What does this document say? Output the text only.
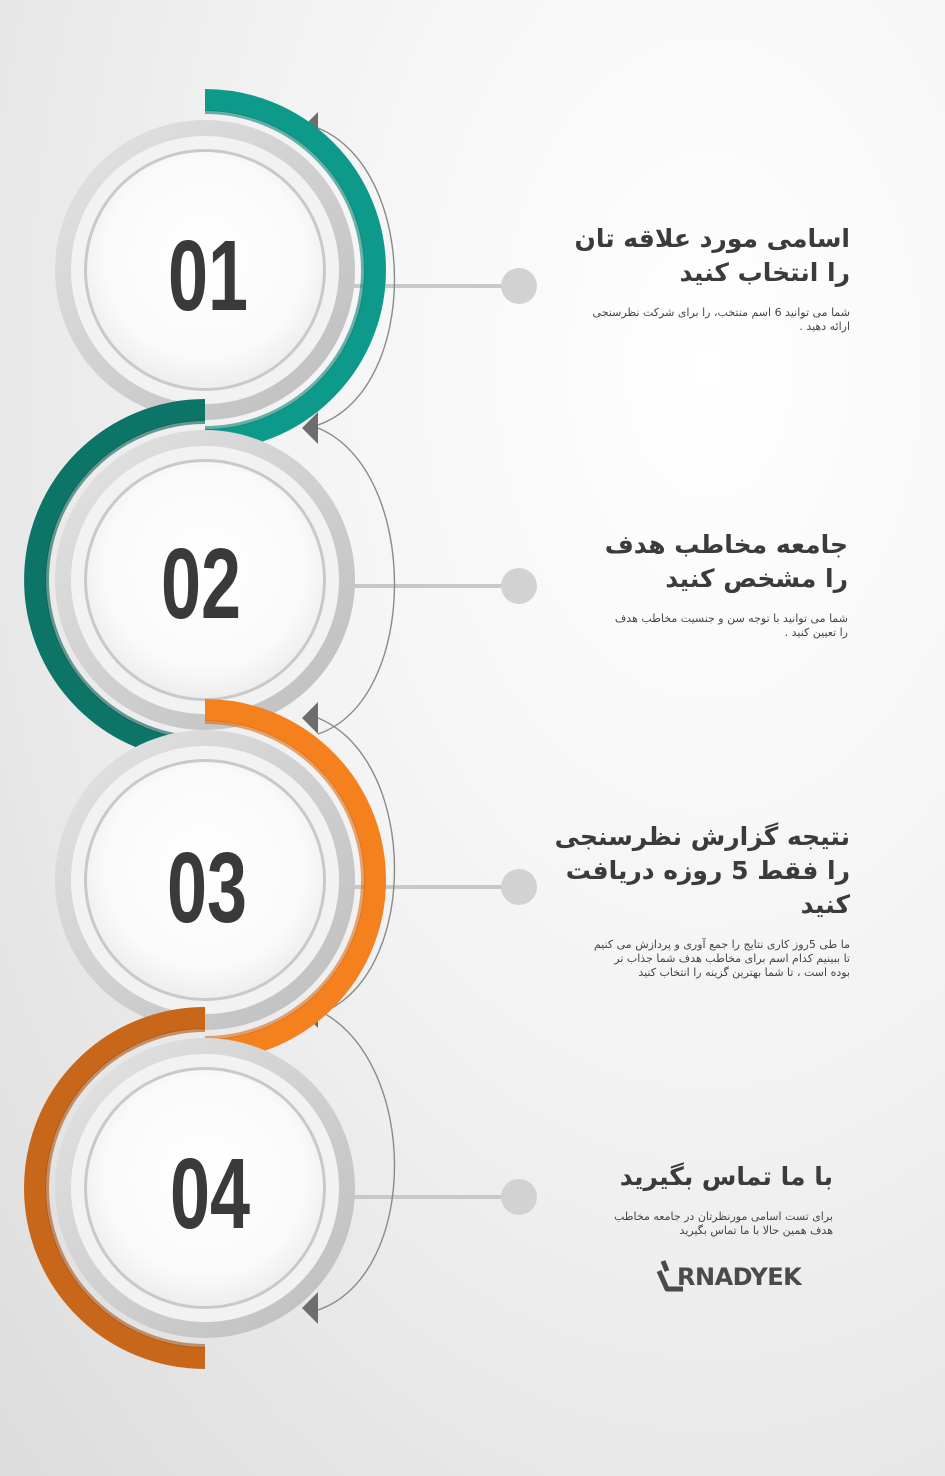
01
02
03
04
اسامی مورد علاقه تان
را انتخاب کنید
شما می توانید 6 اسم منتخب، را برای شرکت نظرسنجی
ارائه دهید .
جامعه مخاطب هدف
را مشخص کنید
شما می توانید با توجه سن و جنسیت مخاطب هدف
را تعیین کنید .
نتیجه گزارش نظرسنجی
را فقط 5 روزه دریافت کنید
ما طی 5روز کاری نتایج را جمع آوری و پردازش می کنیم
تا ببینیم کدام اسم برای مخاطب هدف شما جذاب تر
بوده است ، تا شما بهترین گزینه را انتخاب کنید
با ما تماس بگیرید
برای تست اسامی مورنظرتان در جامعه مخاطب
هدف همین حالا با ما تماس بگیرید
RNADYEK
